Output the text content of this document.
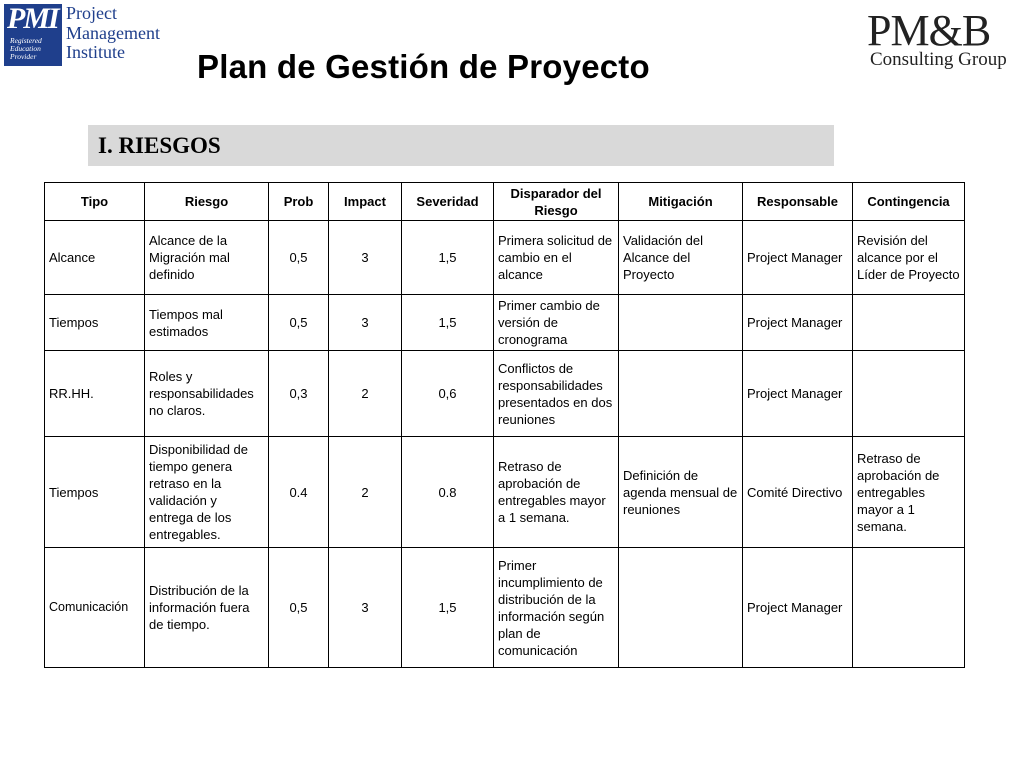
PMI
Registered
Education
Provider
Project
Management
Institute	Plan de Gestión de Proyecto
PM&B
Consulting Group
I. RIESGOS
Tipo	Riesgo	Prob	Impact	Severidad	Disparador del Riesgo	Mitigación	Responsable	Contingencia
Alcance	Alcance de la Migración mal definido	0,5	3	1,5	Primera solicitud de cambio en el alcance	Validación del Alcance del Proyecto	Project Manager	Revisión del alcance por el Líder de Proyecto
Tiempos	Tiempos mal estimados	0,5	3	1,5	Primer cambio de versión de cronograma		Project Manager	
RR.HH.	Roles y responsabilidades no claros.	0,3	2	0,6	Conflictos de responsabilidades presentados en dos reuniones		Project Manager	
Tiempos	Disponibilidad de tiempo genera retraso en la validación y entrega de los entregables.	0.4	2	0.8	Retraso de aprobación de entregables mayor a 1 semana.	Definición de agenda mensual de reuniones	Comité Directivo	Retraso de aprobación de entregables mayor a 1 semana.
Comunicación	Distribución de la información fuera de tiempo.	0,5	3	1,5	Primer incumplimiento de distribución de la información según plan de comunicación		Project Manager	
